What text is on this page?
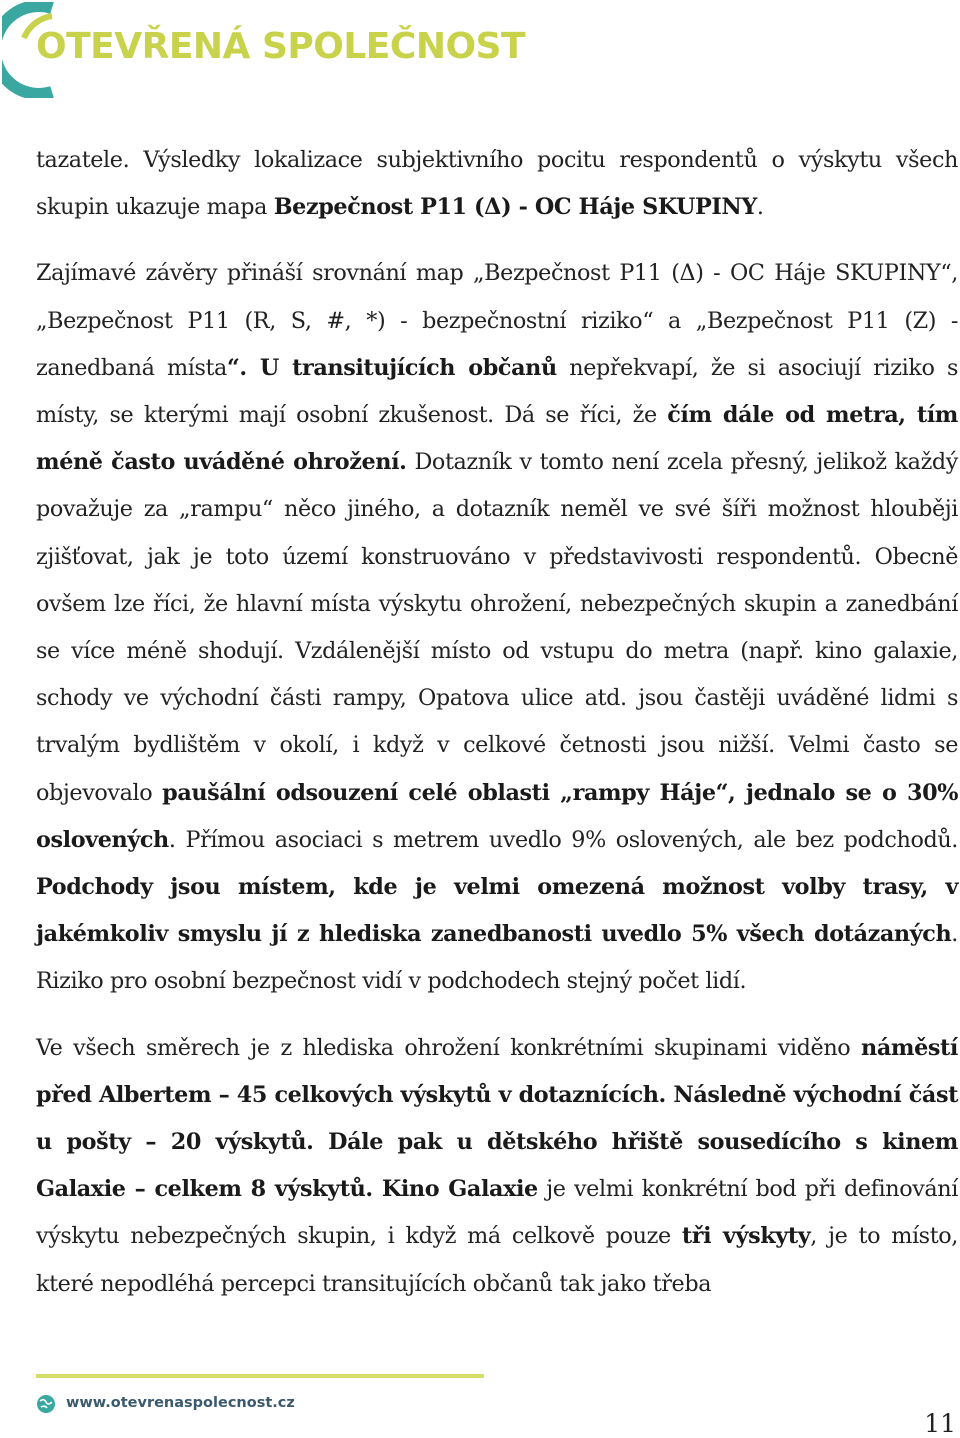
OTEVŘENÁ SPOLEČNOST

tazatele. Výsledky lokalizace subjektivního pocitu respondentů o výskytu všech skupin ukazuje mapa Bezpečnost P11 (Δ) - OC Háje SKUPINY.

Zajímavé závěry přináší srovnání map „Bezpečnost P11 (Δ) - OC Háje SKUPINY“, „Bezpečnost P11 (R, S, #, *) - bezpečnostní riziko“ a „Bezpečnost P11 (Z) - zanedbaná místa“. U transitujících občanů nepřekvapí, že si asociují riziko s místy, se kterými mají osobní zkušenost. Dá se říci, že čím dále od metra, tím méně často uváděné ohrožení. Dotazník v tomto není zcela přesný, jelikož každý považuje za „rampu“ něco jiného, a dotazník neměl ve své šíři možnost hlouběji zjišťovat, jak je toto území konstruováno v představivosti respondentů. Obecně ovšem lze říci, že hlavní místa výskytu ohrožení, nebezpečných skupin a zanedbání se více méně shodují. Vzdálenější místo od vstupu do metra (např. kino galaxie, schody ve východní části rampy, Opatova ulice atd. jsou častěji uváděné lidmi s trvalým bydlištěm v okolí, i když v celkové četnosti jsou nižší. Velmi často se objevovalo paušální odsouzení celé oblasti „rampy Háje“, jednalo se o 30% oslovených. Přímou asociaci s metrem uvedlo 9% oslovených, ale bez podchodů. Podchody jsou místem, kde je velmi omezená možnost volby trasy, v jakémkoliv smyslu jí z hlediska zanedbanosti uvedlo 5% všech dotázaných. Riziko pro osobní bezpečnost vidí v podchodech stejný počet lidí.

Ve všech směrech je z hlediska ohrožení konkrétními skupinami viděno náměstí před Albertem – 45 celkových výskytů v dotaznících. Následně východní část u pošty – 20 výskytů. Dále pak u dětského hřiště sousedícího s kinem Galaxie – celkem 8 výskytů. Kino Galaxie je velmi konkrétní bod při definování výskytu nebezpečných skupin, i když má celkově pouze tři výskyty, je to místo, které nepodléhá percepci transitujících občanů tak jako třeba

www.otevrenaspolecnost.cz
11
